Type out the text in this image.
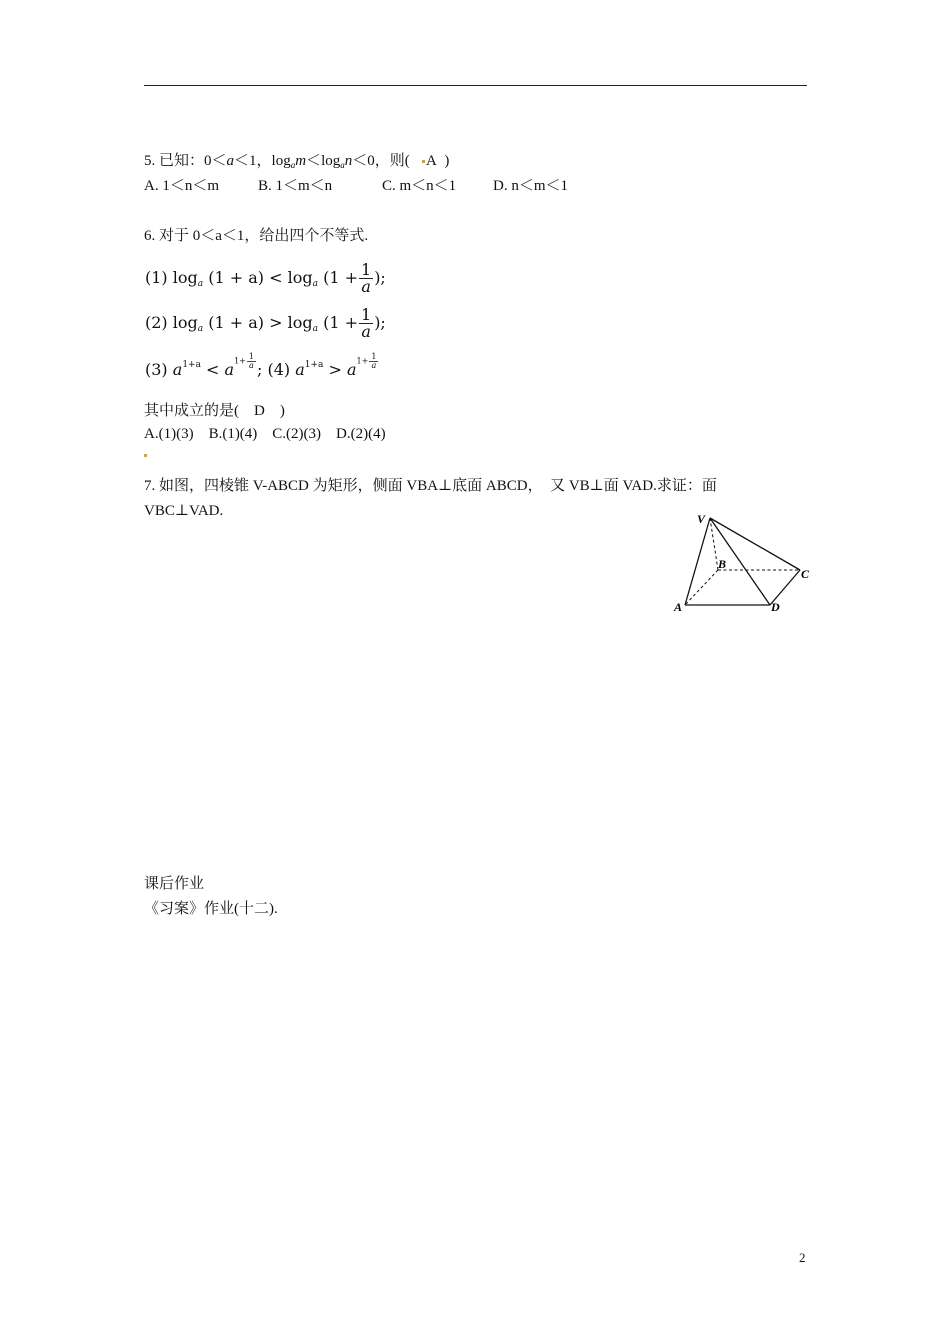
5. 已知：0＜a＜1，$\log_am<\log_an<0$，则( A )
A. 1＜n＜m	B. 1＜m＜n	C. m＜n＜1 D. n＜m＜1
6. 对于 0＜a＜1，给出四个不等式.
(1) loga (1 + a) < loga ($1 + \frac{1}{a}$ );
(2) loga (1 + a) > loga ($1 + \frac{1}{a}$ );
(3) $a^{1+a} < a1+ \frac{1}{a}$ ; (4) $a^{1+a} > a1+ \frac{1}{a}$
其中成立的是( D )
A.(1)(3)    B.(1)(4)    C.(2)(3)    D.(2)(4)
7. 如图，四棱锥 V-ABCD 为矩形，侧面 VBA⊥底面 ABCD，  又 VB⊥面 VAD.求证：面
VBC⊥VAD.	V
B
C
A	D
课后作业
《习案》作业(十二).
2
